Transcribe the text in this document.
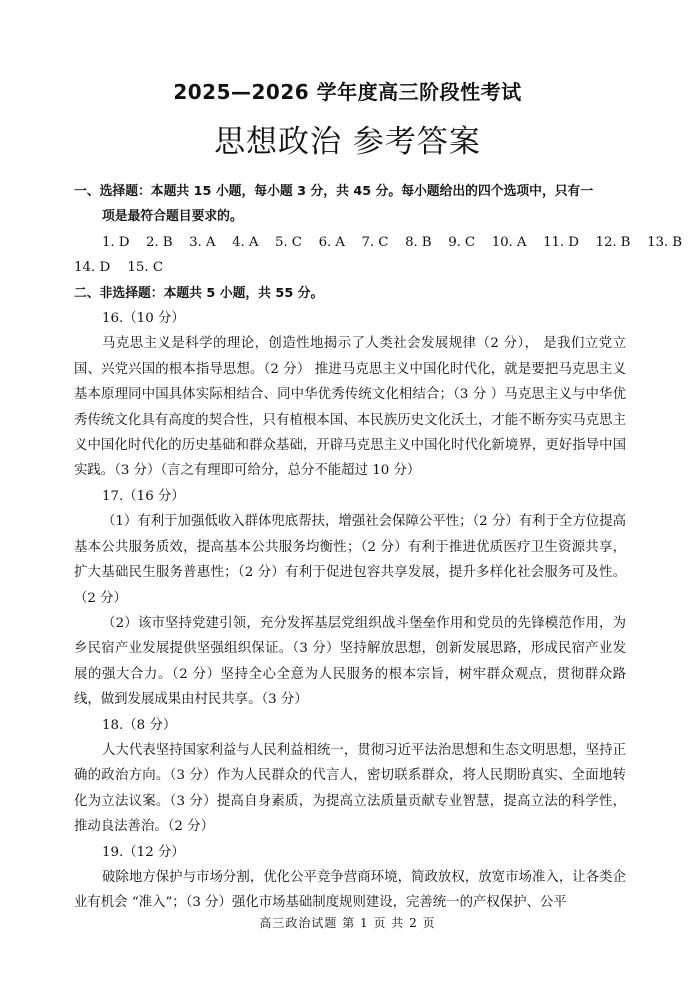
2025—2026 学年度高三阶段性考试
思想政治 参考答案

一、选择题：本题共 15 小题，每小题 3 分，共 45 分。每小题给出的四个选项中，只有一
项是最符合题目要求的。

1. D 2. B 3. A 4. A 5. C 6. A 7. C 8. B 9. C 10. A 11. D 12. B 13. B

14. D 15. C

二、非选择题：本题共 5 小题，共 55 分。

16.（10 分）

马克思主义是科学的理论，创造性地揭示了人类社会发展规律（2 分）， 是我们立党立国、兴党兴国的根本指导思想。（2 分） 推进马克思主义中国化时代化，就是要把马克思主义基本原理同中国具体实际相结合、同中华优秀传统文化相结合；（3 分 ）马克思主义与中华优秀传统文化具有高度的契合性，只有植根本国、本民族历史文化沃土，才能不断夯实马克思主义中国化时代化的历史基础和群众基础，开辟马克思主义中国化时代化新境界，更好指导中国实践。（3 分）（言之有理即可给分，总分不能超过 10 分）

17.（16 分）

（1）有利于加强低收入群体兜底帮扶，增强社会保障公平性；（2 分）有利于全方位提高基本公共服务质效，提高基本公共服务均衡性；（2 分）有利于推进优质医疗卫生资源共享，扩大基础民生服务普惠性；（2 分）有利于促进包容共享发展，提升多样化社会服务可及性。（2 分）

（2）该市坚持党建引领，充分发挥基层党组织战斗堡垒作用和党员的先锋模范作用，为乡民宿产业发展提供坚强组织保证。（3 分）坚持解放思想，创新发展思路，形成民宿产业发展的强大合力。（2 分）坚持全心全意为人民服务的根本宗旨，树牢群众观点，贯彻群众路线，做到发展成果由村民共享。（3 分）

18.（8 分）

人大代表坚持国家利益与人民利益相统一，贯彻习近平法治思想和生态文明思想，坚持正确的政治方向。（3 分）作为人民群众的代言人，密切联系群众，将人民期盼真实、全面地转化为立法议案。（3 分）提高自身素质，为提高立法质量贡献专业智慧，提高立法的科学性，推动良法善治。（2 分）

19.（12 分）

破除地方保护与市场分割，优化公平竞争营商环境，简政放权，放宽市场准入，让各类企业有机会 “准入”；（3 分）强化市场基础制度规则建设，完善统一的产权保护、公平

高三政治试题 第 1 页 共 2 页
